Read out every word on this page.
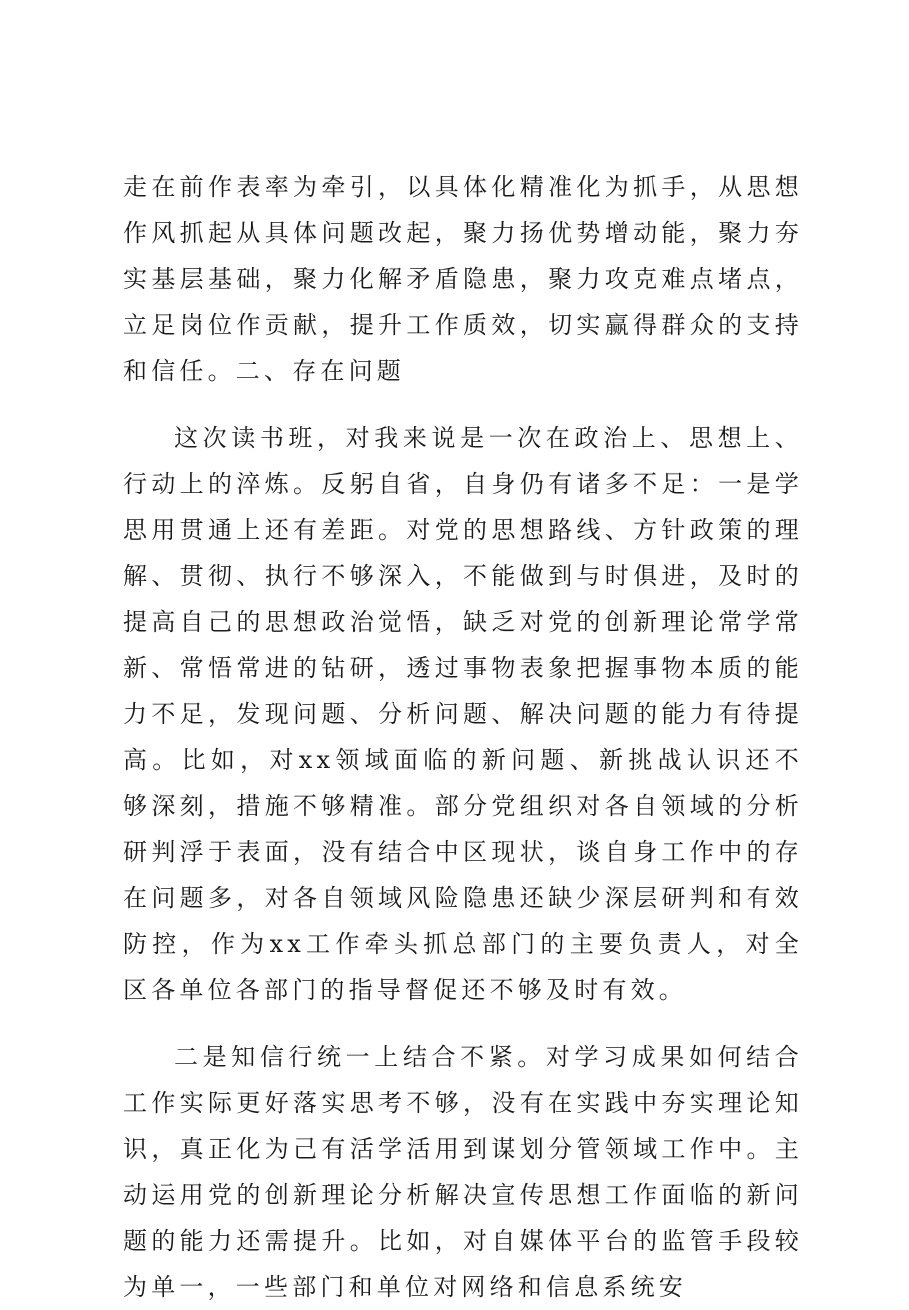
走在前作表率为牵引，以具体化精准化为抓手，从思想作风抓起从具体问题改起，聚力扬优势增动能，聚力夯实基层基础，聚力化解矛盾隐患，聚力攻克难点堵点，立足岗位作贡献，提升工作质效，切实赢得群众的支持和信任。二、存在问题

这次读书班，对我来说是一次在政治上、思想上、行动上的淬炼。反躬自省，自身仍有诸多不足：一是学思用贯通上还有差距。对党的思想路线、方针政策的理解、贯彻、执行不够深入，不能做到与时俱进，及时的提高自己的思想政治觉悟，缺乏对党的创新理论常学常新、常悟常进的钻研，透过事物表象把握事物本质的能力不足，发现问题、分析问题、解决问题的能力有待提高。比如，对xx领域面临的新问题、新挑战认识还不够深刻，措施不够精准。部分党组织对各自领域的分析研判浮于表面，没有结合中区现状，谈自身工作中的存在问题多，对各自领域风险隐患还缺少深层研判和有效防控，作为xx工作牵头抓总部门的主要负责人，对全区各单位各部门的指导督促还不够及时有效。

二是知信行统一上结合不紧。对学习成果如何结合工作实际更好落实思考不够，没有在实践中夯实理论知识，真正化为己有活学活用到谋划分管领域工作中。主动运用党的创新理论分析解决宣传思想工作面临的新问题的能力还需提升。比如，对自媒体平台的监管手段较为单一，一些部门和单位对网络和信息系统安
